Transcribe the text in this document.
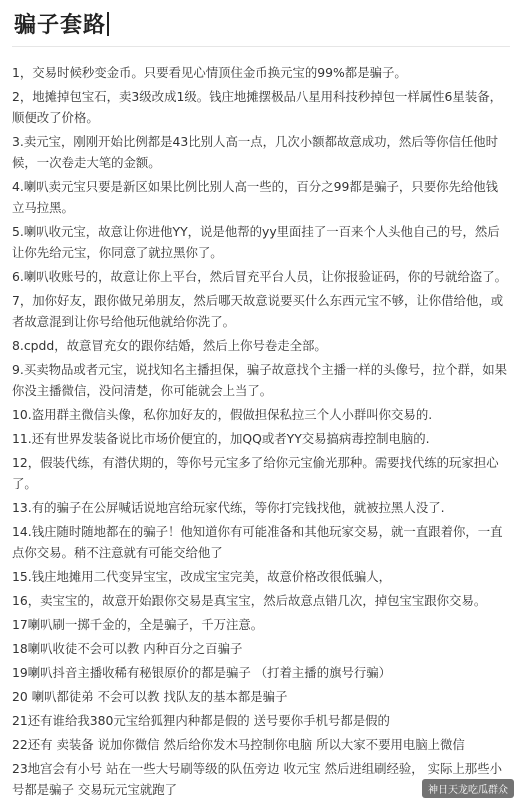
骗子套路

1，交易时候秒变金币。只要看见心情顶住金币换元宝的99%都是骗子。

2，地摊掉包宝石，卖3级改成1级。钱庄地摊摆极品八星用科技秒掉包一样属性6星装备，顺便改了价格。

3.卖元宝，刚刚开始比例都是43比别人高一点，几次小额都故意成功，然后等你信任他时候，一次卷走大笔的金额。

4.喇叭卖元宝只要是新区如果比例比别人高一些的，百分之99都是骗子，只要你先给他钱立马拉黑。

5.喇叭收元宝，故意让你进他YY，说是他帮的yy里面挂了一百来个人头他自己的号，然后让你先给元宝，你同意了就拉黑你了。

6.喇叭收账号的，故意让你上平台，然后冒充平台人员，让你报验证码，你的号就给盗了。

7，加你好友，跟你做兄弟朋友，然后哪天故意说要买什么东西元宝不够，让你借给他，或者故意混到让你号给他玩他就给你洗了。

8.cpdd，故意冒充女的跟你结婚，然后上你号卷走全部。

9.买卖物品或者元宝，说找知名主播担保，骗子故意找个主播一样的头像号，拉个群，如果你没主播微信，没问清楚，你可能就会上当了。

10.盗用群主微信头像，私你加好友的，假做担保私拉三个人小群叫你交易的.

11.还有世界发装备说比市场价便宜的，加QQ或者YY交易搞病毒控制电脑的.

12，假装代练，有潜伏期的，等你号元宝多了给你元宝偷光那种。需要找代练的玩家担心了。

13.有的骗子在公屏喊话说地宫给玩家代练，等你打完钱找他，就被拉黑人没了.

14.钱庄随时随地都在的骗子！他知道你有可能准备和其他玩家交易，就一直跟着你，一直点你交易。稍不注意就有可能交给他了

15.钱庄地摊用二代变异宝宝，改成宝宝完美，故意价格改很低骗人，

16，卖宝宝的，故意开始跟你交易是真宝宝，然后故意点错几次，掉包宝宝跟你交易。

17喇叭刷一掷千金的，全是骗子，千万注意。

18喇叭收徒不会可以教 内种百分之百骗子

19喇叭抖音主播收稀有秘银原价的都是骗子 （打着主播的旗号行骗）

20 喇叭都徒弟 不会可以教 找队友的基本都是骗子

21还有谁给我380元宝给狐狸内种都是假的 送号要你手机号都是假的

22还有 卖装备 说加你微信 然后给你发木马控制你电脑 所以大家不要用电脑上微信

23地宫会有小号 站在一些大号刷等级的队伍旁边 收元宝 然后进组刷经验， 实际上那些小号都是骗子 交易玩元宝就跑了	神日天龙吃瓜群众
